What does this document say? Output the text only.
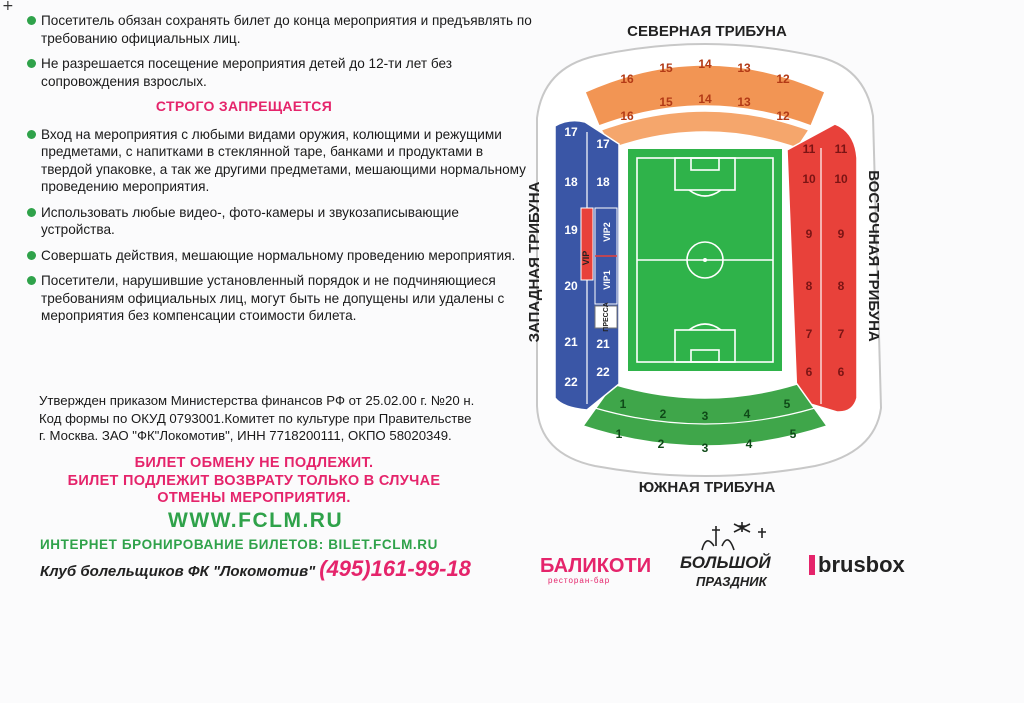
+
Посетитель обязан сохранять билет до конца мероприятия и предъявлять по требованию официальных лиц.
Не разрешается посещение мероприятия детей до 12-ти лет без сопровождения взрослых.
СТРОГО ЗАПРЕЩАЕТСЯ
Вход на мероприятия с любыми видами оружия, колющими и режущими предметами, с напитками в стеклянной таре, банками и продуктами в твердой упаковке, а так же другими предметами, мешающими нормальному проведению мероприятия.
Использовать любые видео-, фото-камеры и звукозаписывающие устройства.
Совершать действия, мешающие нормальному проведению мероприятия.
Посетители, нарушившие установленный порядок и не подчиняющиеся требованиям официальных лиц, могут быть не допущены или удалены с мероприятия без компенсации стоимости билета.
Утвержден приказом Министерства финансов РФ от 25.02.00 г. №20 н.
Код формы по ОКУД 0793001.Комитет по культуре при Правительстве
г. Москва. ЗАО "ФК"Локомотив", ИНН 7718200111, ОКПО 58020349.
БИЛЕТ ОБМЕНУ НЕ ПОДЛЕЖИТ.
БИЛЕТ ПОДЛЕЖИТ ВОЗВРАТУ ТОЛЬКО В СЛУЧАЕ
ОТМЕНЫ МЕРОПРИЯТИЯ.
WWW.FCLM.RU
ИНТЕРНЕТ БРОНИРОВАНИЕ БИЛЕТОВ: BILET.FCLM.RU
Клуб болельщиков ФК "Локомотив" (495)161-99-18
СЕВЕРНАЯ ТРИБУНА
ЮЖНАЯ ТРИБУНА
ВОСТОЧНАЯ ТРИБУНА
ЗАПАДНАЯ ТРИБУНА
16
15 14 13
12
16
15 14 13
12
11
10
9
8
7
6
11
10
9
8
7
6
1
2	3	4
5
1
2	3	4
5
17
18
19
20
21
22
17
18
21
22
VIP
VIP1
VIP2
ПРЕССА
БАЛИКОТИ
ресторан-бар
БОЛЬШОЙ
ПРАЗДНИК
brusbox
